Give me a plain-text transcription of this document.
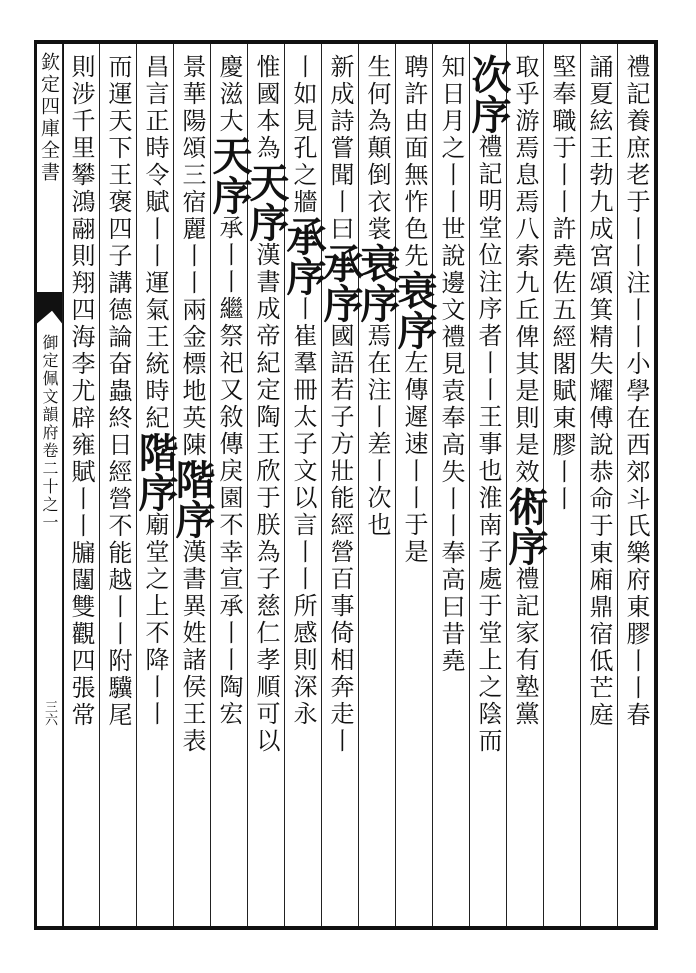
欽定四庫全書
御定佩文韻府卷二十之一
三六	禮記養庶老于丨丨注丨丨小學在西郊斗氏樂府東膠丨丨春
誦夏絃王勃九成宮頌箕精失耀傅說恭命于東廂鼎宿低芒庭
堅奉職于丨丨許堯佐五經閣賦東膠丨丨
取乎游焉息焉八索九丘俾其是則是效術序禮記家有塾黨
次序禮記明堂位注序者丨丨王事也淮南子處于堂上之陰而
知日月之丨丨世說邊文禮見袁奉高失丨丨奉高曰昔堯
聘許由面無怍色先衰序左傳遲速丨丨于是
生何為顛倒衣裳衰序焉在注丨差丨次也
新成詩嘗聞丨曰承序國語若子方壯能經營百事倚相奔走丨
丨如見孔之牆承序丨崔羣冊太子文以言丨丨所感則深永
惟國本為天序漢書成帝紀定陶王欣于朕為子慈仁孝順可以
慶滋大天序承丨丨繼祭祀又敘傳戾園不幸宣承丨丨陶宏
景華陽頌三宿麗丨丨兩金標地英陳階序漢書異姓諸侯王表
昌言正時令賦丨丨運氣王統時紀階序廟堂之上不降丨丨
而運天下王褒四子講德論奋蟲終日經營不能越丨丨附驥尾
則涉千里攀鴻翮則翔四海李尤辟雍賦丨丨牖闥雙觀四張常
